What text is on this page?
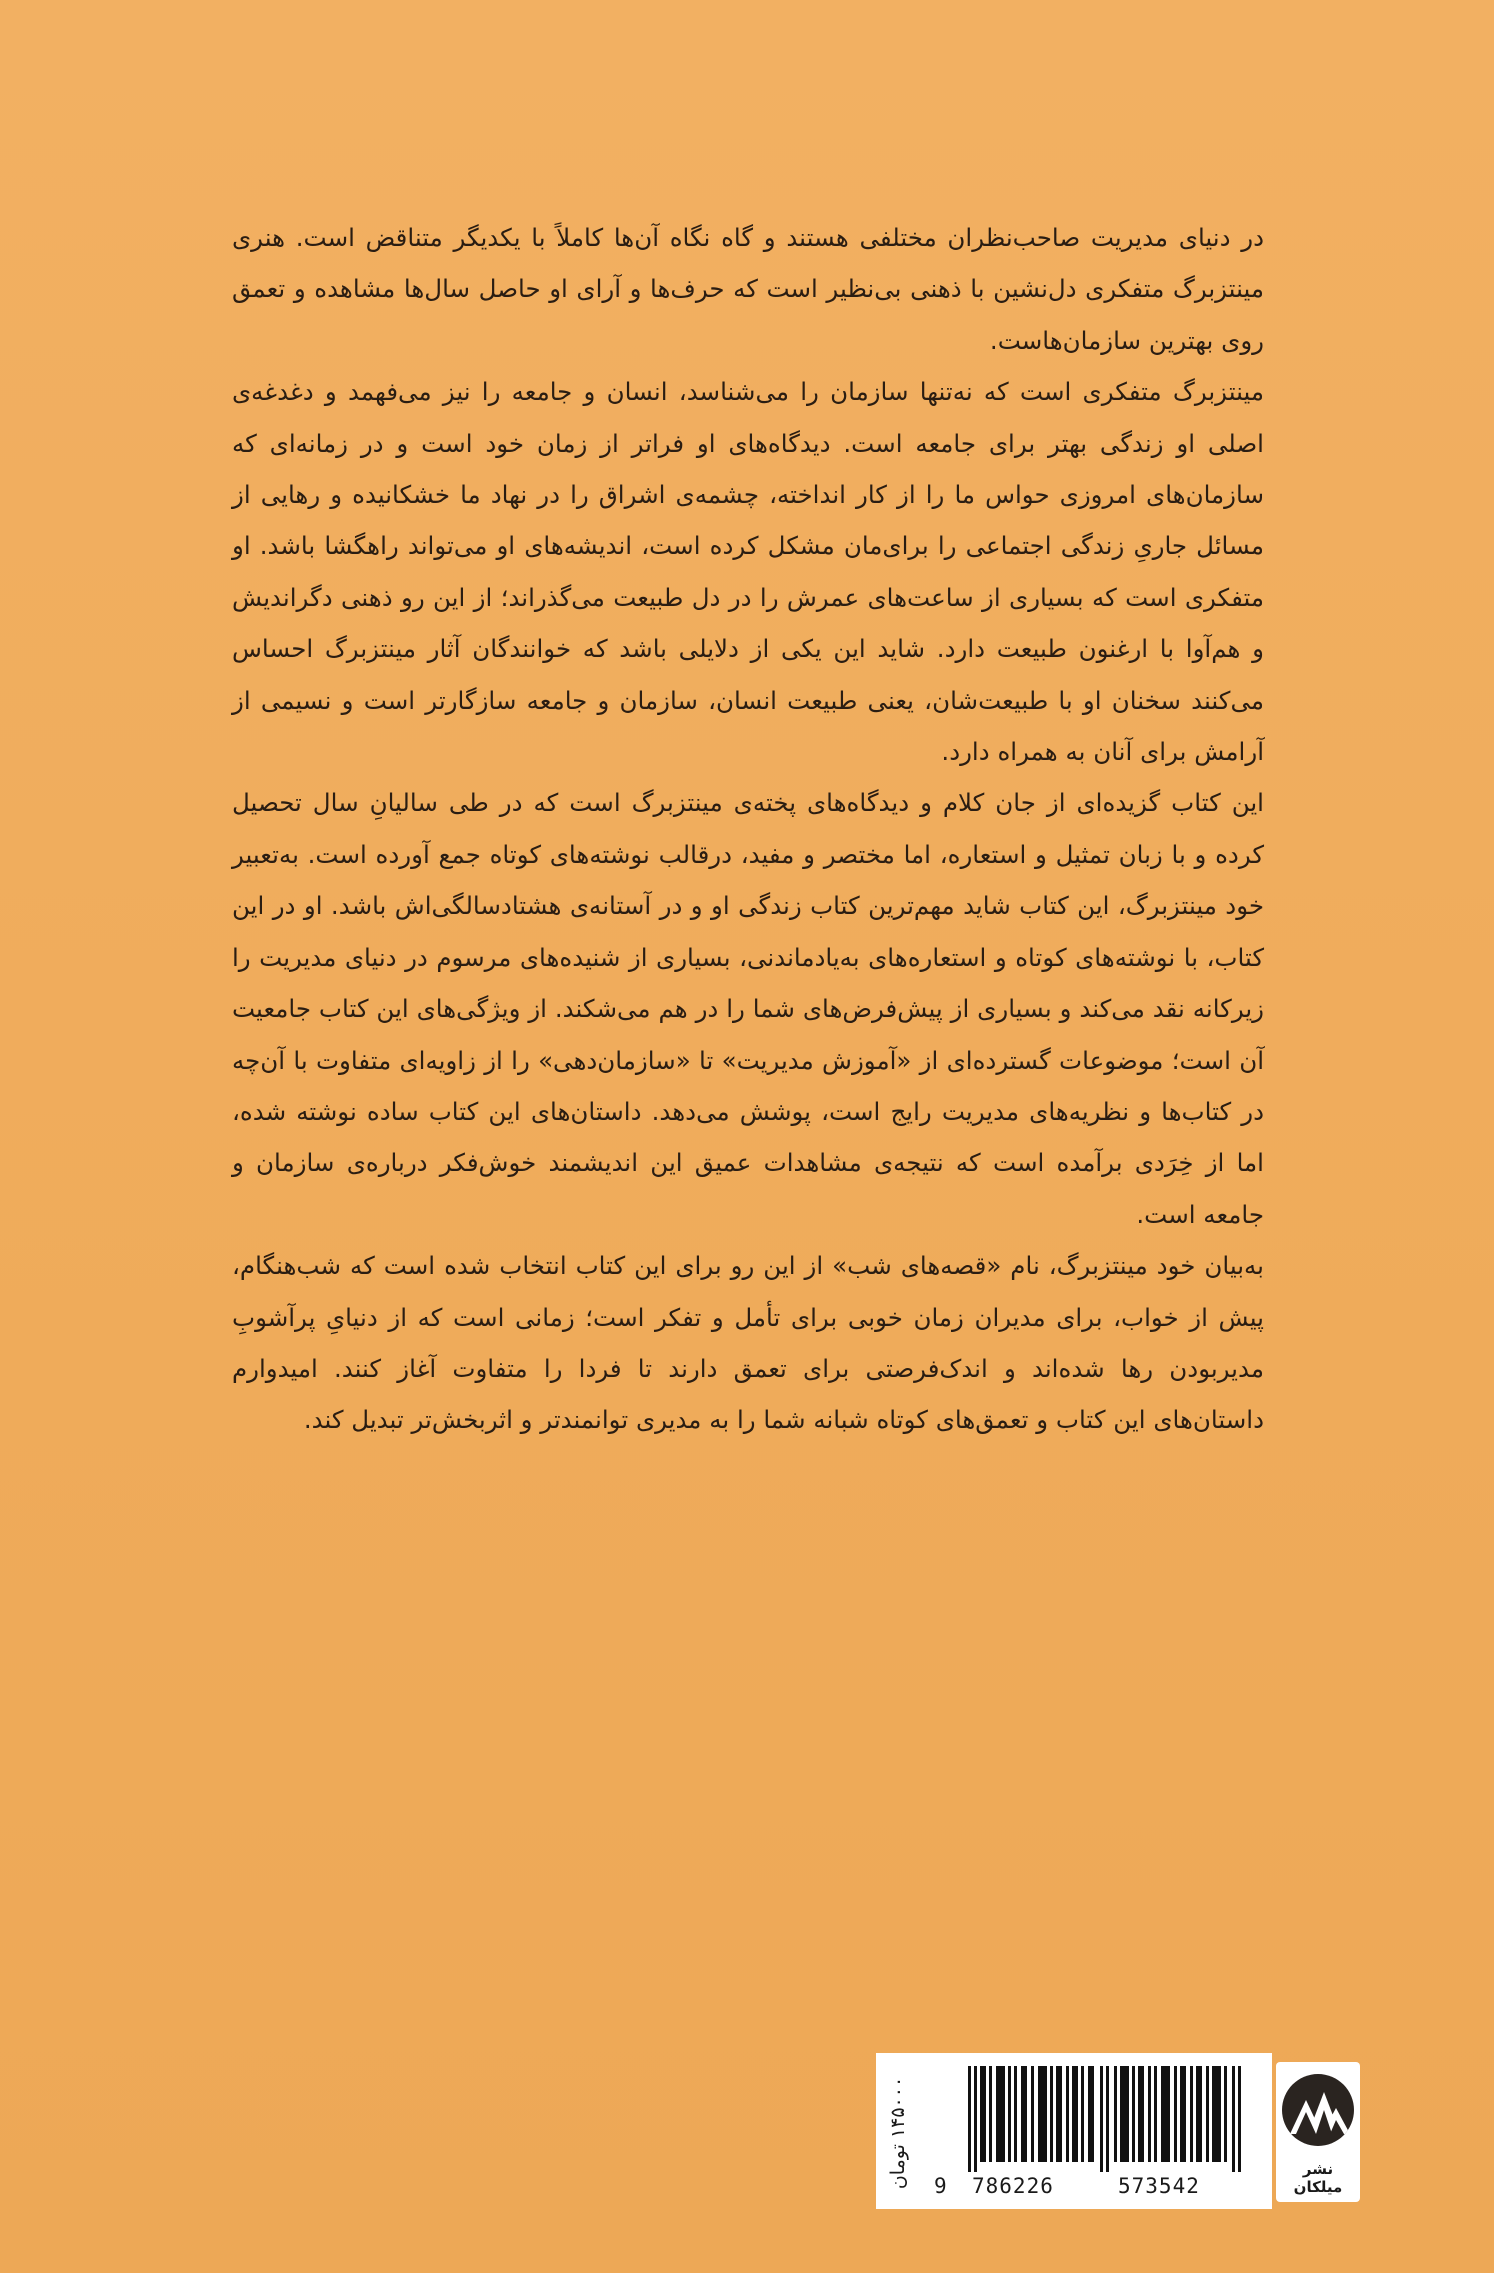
در دنیای مدیریت صاحب‌نظران مختلفی هستند و گاه نگاه آن‌ها کاملاً با یکدیگر متناقض است. هنری مینتزبرگ متفکری دل‌نشین با ذهنی بی‌نظیر است که حرف‌ها و آرای او حاصل سال‌ها مشاهده و تعمق روی بهترین سازمان‌هاست.

مینتزبرگ متفکری است که نه‌تنها سازمان را می‌شناسد، انسان و جامعه را نیز می‌فهمد و دغدغه‌ی اصلی او زندگی بهتر برای جامعه است. دیدگاه‌های او فراتر از زمان خود است و در زمانه‌ای که سازمان‌های امروزی حواس ما را از کار انداخته، چشمه‌ی اشراق را در نهاد ما خشکانیده و رهایی از مسائل جاریِ زندگی اجتماعی را برای‌مان مشکل کرده است، اندیشه‌های او می‌تواند راهگشا باشد. او متفکری است که بسیاری از ساعت‌های عمرش را در دل طبیعت می‌گذراند؛ از این رو ذهنی دگراندیش و هم‌آوا با ارغنون طبیعت دارد. شاید این یکی از دلایلی باشد که خوانندگان آثار مینتزبرگ احساس می‌کنند سخنان او با طبیعت‌شان، یعنی طبیعت انسان، سازمان و جامعه سازگارتر است و نسیمی از آرامش برای آنان به همراه دارد.

این کتاب گزیده‌ای از جان کلام و دیدگاه‌های پخته‌ی مینتزبرگ است که در طی سالیانِ سال تحصیل کرده و با زبان تمثیل و استعاره، اما مختصر و مفید، درقالب نوشته‌های کوتاه جمع آورده است. به‌تعبیر خود مینتزبرگ، این کتاب شاید مهم‌ترین کتاب زندگی او و در آستانه‌ی هشتادسالگی‌اش باشد. او در این کتاب، با نوشته‌های کوتاه و استعاره‌های به‌یادماندنی، بسیاری از شنیده‌های مرسوم در دنیای مدیریت را زیرکانه نقد می‌کند و بسیاری از پیش‌فرض‌های شما را در هم می‌شکند. از ویژگی‌های این کتاب جامعیت آن است؛ موضوعات گسترده‌ای از «آموزش مدیریت» تا «سازمان‌دهی» را از زاویه‌ای متفاوت با آن‌چه در کتاب‌ها و نظریه‌های مدیریت رایج است، پوشش می‌دهد. داستان‌های این کتاب ساده نوشته شده، اما از خِرَدی برآمده است که نتیجه‌ی مشاهدات عمیق این اندیشمند خوش‌فکر درباره‌ی سازمان و جامعه است.

به‌بیان خود مینتزبرگ، نام «قصه‌های شب» از این رو برای این کتاب انتخاب شده است که شب‌هنگام، پیش از خواب، برای مدیران زمان خوبی برای تأمل و تفکر است؛ زمانی است که از دنیایِ پرآشوبِ مدیربودن رها شده‌اند و اندک‌فرصتی برای تعمق دارند تا فردا را متفاوت آغاز کنند. امیدوارم داستان‌های این کتاب و تعمق‌های کوتاه شبانه شما را به مدیری توانمندتر و اثربخش‌تر تبدیل کند.

۱۴۵۰۰۰ تومان
9 786226	573542
نشر میلکان
